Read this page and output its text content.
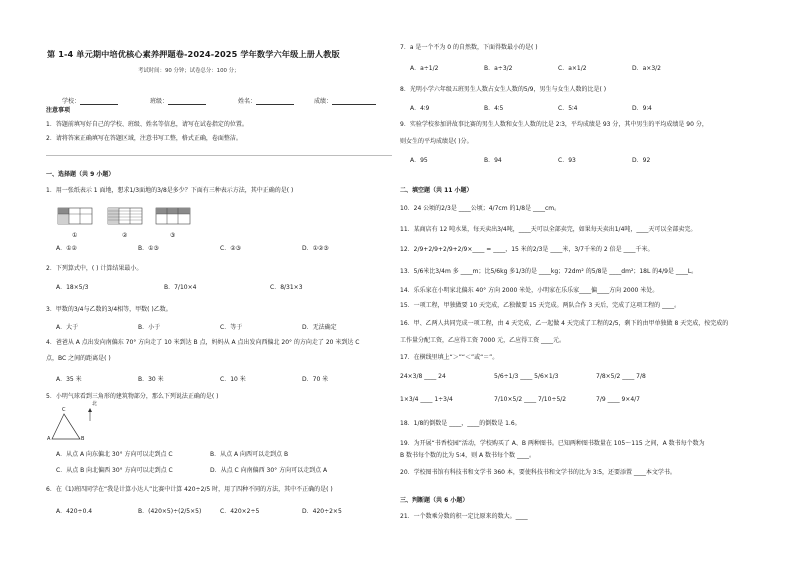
第 1-4 单元期中培优核心素养押题卷-2024-2025 学年数学六年级上册人教版
考试时间：90 分钟；试卷总分：100 分；
学校：	班级：	姓名：	成绩：
注意事项
1．答题前填写好自己的学校、班级、姓名等信息，请写在试卷指定的位置。
2．请将答案正确填写在答题区域，注意书写工整，格式正确，卷面整洁。
一、选择题（共 9 小题）
1．用一张纸表示 1 面地，想求1/3面地的3/8是多少？下面有三种表示方法，其中正确的是( )
①	②	③
A．①②	B．①③	C．②③	D．①②③
2．下列算式中，( ) 计算结果最小。
A．18×5/3	B．7/10×4	C．8/31×3
3．甲数的3/4与乙数的3/4相等，甲数( )乙数。
A．大于	B．小于	C．等于	D．无法确定
4．爸爸从 A 点出发向南偏东 70° 方向走了 10 米到达 B 点，妈妈从 A 点出发向西偏北 20° 的方向走了 20 米到达 C
点，BC 之间的距离是( )
A．35 米	B．30 米	C．10 米	D．70 米
5．小明气球看到三角形的建筑物部分，那么下列说法正确的是( )
C
A	B
北
A．从点 A 向东偏北 30° 方向可以走到点 C	B．从点 A 向西可以走到点 B
C．从点 B 向北偏西 30° 方向可以走到点 C	D．从点 C 向南偏西 30° 方向可以走到点 A
6．在《1)班四同学在“我是计算小达人”比赛中计算 420÷2/5 时，用了四种不同的方法，其中不正确的是( )
A．420÷0.4	B．(420×5)÷(2/5×5)	C．420×2÷5	D．420÷2×5
7．a 是一个不为 0 的自然数，下面得数最小的是( )
A．a÷1/2	B．a÷3/2	C．a×1/2	D．a×3/2
8．光明小学六年级五班男生人数占女生人数的5/9，男生与女生人数的比是( )
A．4∶9	B．4∶5	C．5∶4	D．9∶4
9．实验学校参加讲故事比赛的男生人数和女生人数的比是 2∶3，平均成绩是 93 分，其中男生的平均成绩是 90 分，
则女生的平均成绩是( )分。
A．95	B．94	C．93	D．92
二、填空题（共 11 小题）
10．24 公顷的2/3是 ____公顷；4/7cm 的1/8是 ____cm。
11．某商店有 12 吨水果，每天卖出3/4吨，____天可以全部卖完，如果每天卖出1/4吨，____天可以全部卖完。
12．2/9+2/9+2/9+2/9×____ = ____，15 米的2/3是 ____米，3/7千米的 2 倍是 ____千米。
13．5/6米比3/4m 多 ____m；比5/6kg 多1/3的是 ____kg；72dm² 的5/8是 ____dm²；18L 的4/9是 ____L。
14．乐乐家在小明家北偏东 40° 方向 2000 米处，小明家在乐乐家____偏____方向 2000 米处。
15．一项工程，甲独做要 10 天完成，乙独做要 15 天完成。两队合作 3 天后，完成了这项工程的 ____。
16．甲、乙两人共同完成一项工程，由 4 天完成，乙一起做 4 天完成了工程的2/5，剩下的由甲单独做 8 天完成，按完成的
工作量分配工资，乙应得工资 7000 元，乙应得工资 ____元。
17．在横线里填上“＞”“＜”或“＝”。
24×3/8 ____ 24	5/6÷1/3 ____ 5/6×1/3	7/8×5/2 ____ 7/8
1×3/4 ____ 1÷3/4	7/10×5/2 ____ 7/10÷5/2	7/9 ____ 9×4/7
18．1/8的倒数是 ____，____的倒数是 1.6。
19．为开展“书香校园”活动，学校购买了 A、B 两种图书。已知两种图书数量在 105～115 之间，A 数书每个数为
B 数书每个数的比为 5∶4，则 A 数书每个数 ____。
20．学校图书馆有科技书和文学书 360 本，要使科技书和文学书的比为 3∶5，还要添置 ____本文学书。
三、判断题（共 6 小题）
21．一个数乘分数的积一定比原来的数大。____
